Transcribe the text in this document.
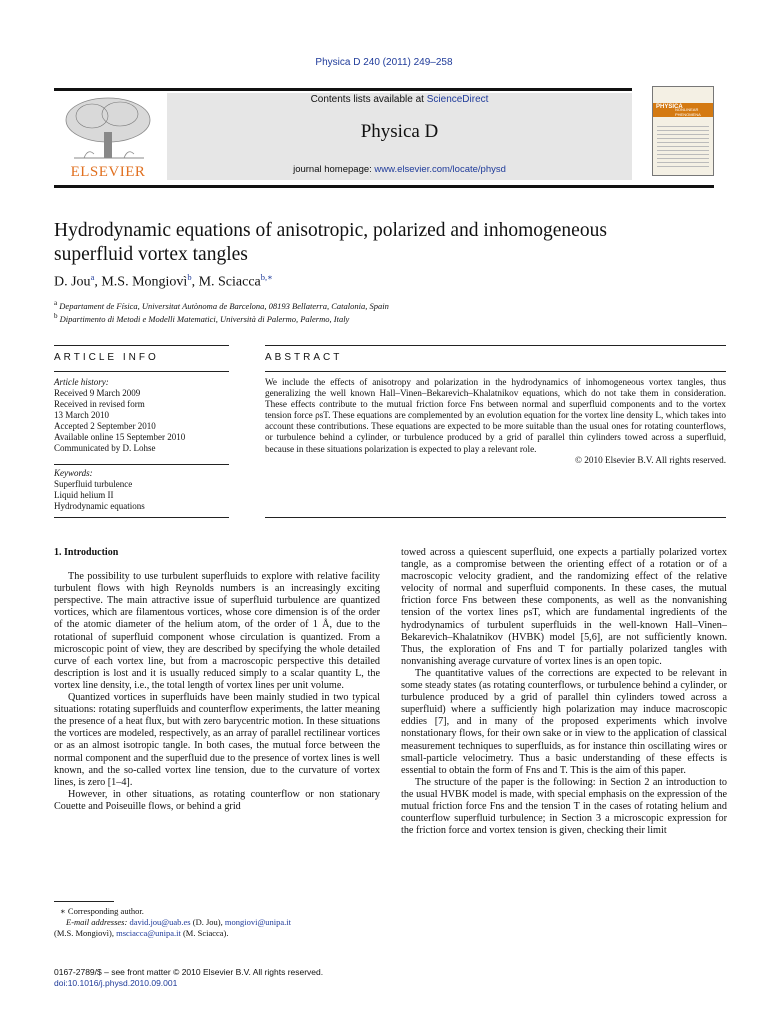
Physica D 240 (2011) 249–258
Contents lists available at ScienceDirect
Physica D
journal homepage: www.elsevier.com/locate/physd
ELSEVIER
PHYSICA
NONLINEAR PHENOMENA
Hydrodynamic equations of anisotropic, polarized and inhomogeneous
superfluid vortex tangles
D. Jou$^a$, M.S. Mongiovì$^b$, M. Sciacca$^{b,∗}$
$^a$ Departament de Física, Universitat Autònoma de Barcelona, 08193 Bellaterra, Catalonia, Spain
$^b$ Dipartimento di Metodi e Modelli Matematici, Università di Palermo, Palermo, Italy
ARTICLE INFO
Article history:
Received 9 March 2009
Received in revised form
13 March 2010
Accepted 2 September 2010
Available online 15 September 2010
Communicated by D. Lohse
Keywords:
Superfluid turbulence
Liquid helium II
Hydrodynamic equations
ABSTRACT
We include the effects of anisotropy and polarization in the hydrodynamics of inhomogeneous vortex tangles, thus generalizing the well known Hall–Vinen–Bekarevich–Khalatnikov equations, which do not take them in consideration. These effects contribute to the mutual friction force Fns between normal and superfluid components and to the vortex tension force ρsT. These equations are complemented by an evolution equation for the vortex line density L, which takes into account these contributions. These equations are expected to be more suitable than the usual ones for rotating counterflows, or turbulence behind a cylinder, or turbulence produced by a grid of parallel thin cylinders towed across a superfluid, because in these situations polarization is expected to play a relevant role.
© 2010 Elsevier B.V. All rights reserved.
1. Introduction

The possibility to use turbulent superfluids to explore with relative facility turbulent flows with high Reynolds numbers is an increasingly exciting perspective. The main attractive issue of superfluid turbulence are quantized vortices, which are filamentous vortices, whose core dimension is of the order of the atomic diameter of the helium atom, of the order of 1 Å, due to the rotational of superfluid component whose circulation is quantized. From a microscopic point of view, they are described by specifying the whole detailed curve of each vortex line, but from a macroscopic perspective this detailed description is lost and it is usually reduced simply to a scalar quantity L, the vortex line density, i.e., the total length of vortex lines per unit volume.

Quantized vortices in superfluids have been mainly studied in two typical situations: rotating superfluids and counterflow experiments, the latter meaning the presence of a heat flux, but with zero barycentric motion. In these situations the vortices are modeled, respectively, as an array of parallel rectilinear vortices or as an almost isotropic tangle. In both cases, the mutual force between the normal component and the superfluid due to the presence of vortex lines is well known, and the so-called vortex line tension, due to the curvature of vortex lines, is zero [1–4].

However, in other situations, as rotating counterflow or non stationary Couette and Poiseuille flows, or behind a grid

towed across a quiescent superfluid, one expects a partially polarized vortex tangle, as a compromise between the orienting effect of a rotation or of a macroscopic velocity gradient, and the randomizing effect of the relative velocity of normal and superfluid components. In these cases, the mutual friction force Fns between these components, as well as the nonvanishing tension of the vortex lines ρsT, which are fundamental ingredients of the hydrodynamics of turbulent superfluids in the well-known Hall–Vinen–Bekarevich–Khalatnikov (HVBK) model [5,6], are not sufficiently known. Thus, the exploration of Fns and T for partially polarized tangles with nonvanishing average curvature of vortex lines is an open topic.

The quantitative values of the corrections are expected to be relevant in some steady states (as rotating counterflows, or turbulence behind a cylinder, or turbulence produced by a grid of parallel thin cylinders towed across a superfluid) where a sufficiently high polarization may induce macroscopic eddies [7], and in many of the proposed experiments which involve nonstationary flows, for their own sake or in view to the application of classical measurement techniques to superfluids, as for instance thin oscillating wires or small-particle velocimetry. Thus a basic understanding of these effects is essential to obtain the form of Fns and T. This is the aim of this paper.

The structure of the paper is the following: in Section 2 an introduction to the usual HVBK model is made, with special emphasis on the expression of the mutual friction force Fns and the tension T in the cases of rotating helium and counterflow superfluid turbulence; in Section 3 a microscopic expression for the friction force and vortex tension is given, checking their limit

∗ Corresponding author.
E-mail addresses: david.jou@uab.es (D. Jou), mongiovi@unipa.it
(M.S. Mongiovì), msciacca@unipa.it (M. Sciacca).
0167-2789/$ – see front matter © 2010 Elsevier B.V. All rights reserved.
doi:10.1016/j.physd.2010.09.001
